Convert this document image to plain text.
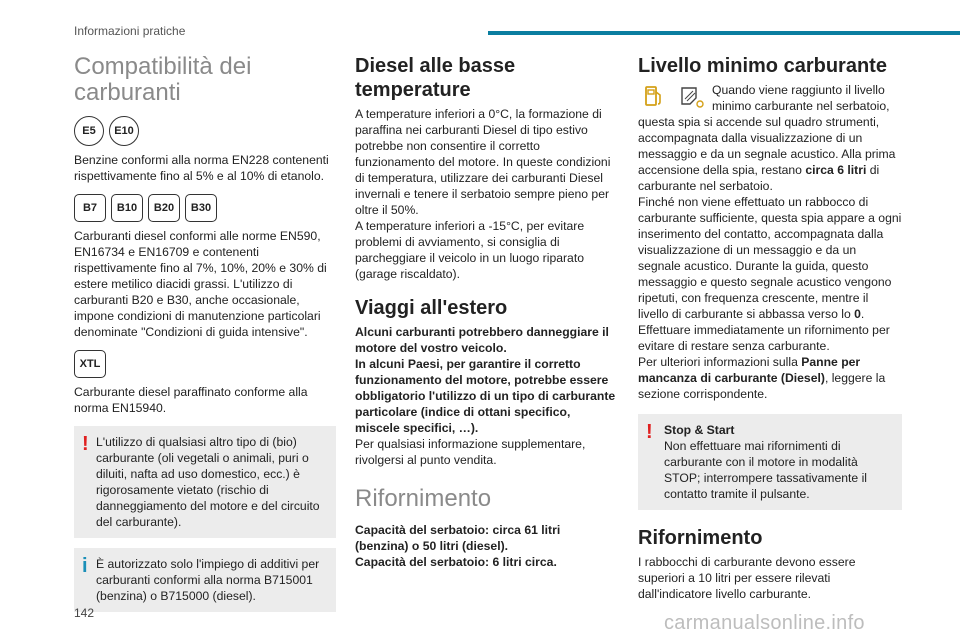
Informazioni pratiche
Compatibilità dei carburanti
E5	E10

Benzine conformi alla norma EN228 contenenti rispettivamente fino al 5% e al 10% di etanolo.

B7	B10	B20	B30

Carburanti diesel conformi alle norme EN590, EN16734 e EN16709 e contenenti rispettivamente fino al 7%, 10%, 20% e 30% di estere metilico diacidi grassi. L'utilizzo di carburanti B20 e B30, anche occasionale, impone condizioni di manutenzione particolari denominate "Condizioni di guida intensive".

XTL

Carburante diesel paraffinato conforme alla norma EN15940.

! L'utilizzo di qualsiasi altro tipo di (bio) carburante (oli vegetali o animali, puri o diluiti, nafta ad uso domestico, ecc.) è rigorosamente vietato (rischio di danneggiamento del motore e del circuito del carburante).

i È autorizzato solo l'impiego di additivi per carburanti conformi alla norma B715001 (benzina) o B715000 (diesel).

Diesel alle basse temperature

A temperature inferiori a 0°C, la formazione di paraffina nei carburanti Diesel di tipo estivo potrebbe non consentire il corretto funzionamento del motore. In queste condizioni di temperatura, utilizzare dei carburanti Diesel invernali e tenere il serbatoio sempre pieno per oltre il 50%.

A temperature inferiori a -15°C, per evitare problemi di avviamento, si consiglia di parcheggiare il veicolo in un luogo riparato (garage riscaldato).

Viaggi all'estero

Alcuni carburanti potrebbero danneggiare il motore del vostro veicolo.

In alcuni Paesi, per garantire il corretto funzionamento del motore, potrebbe essere obbligatorio l'utilizzo di un tipo di carburante particolare (indice di ottani specifico, miscele specifici, …).

Per qualsiasi informazione supplementare, rivolgersi al punto vendita.

Rifornimento

Capacità del serbatoio: circa 61 litri (benzina) o 50 litri (diesel).

Capacità del serbatoio: 6 litri circa.

Livello minimo carburante

Quando viene raggiunto il livello minimo carburante nel serbatoio, questa spia si accende sul quadro strumenti, accompagnata dalla visualizzazione di un messaggio e da un segnale acustico. Alla prima accensione della spia, restano circa 6 litri di carburante nel serbatoio.

Finché non viene effettuato un rabbocco di carburante sufficiente, questa spia appare a ogni inserimento del contatto, accompagnata dalla visualizzazione di un messaggio e da un segnale acustico. Durante la guida, questo messaggio e questo segnale acustico vengono ripetuti, con frequenza crescente, mentre il livello di carburante si abbassa verso lo 0.

Effettuare immediatamente un rifornimento per evitare di restare senza carburante.

Per ulteriori informazioni sulla Panne per mancanza di carburante (Diesel), leggere la sezione corrispondente.

! Stop & Start

Non effettuare mai rifornimenti di carburante con il motore in modalità STOP; interrompere tassativamente il contatto tramite il pulsante.

Rifornimento

I rabbocchi di carburante devono essere superiori a 10 litri per essere rilevati dall'indicatore livello carburante.

142	carmanualsonline.info
